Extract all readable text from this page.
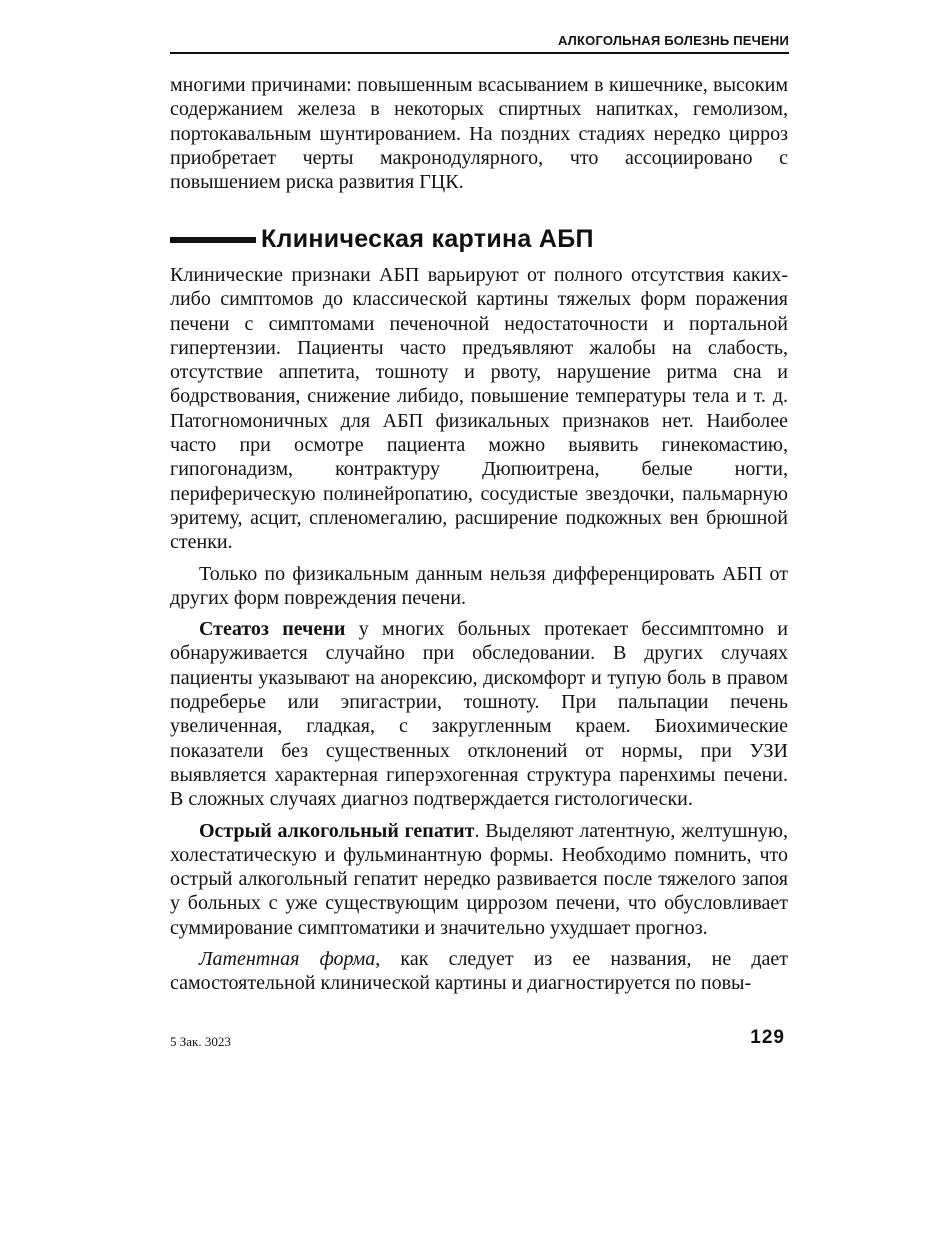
АЛКОГОЛЬНАЯ БОЛЕЗНЬ ПЕЧЕНИ

многими причинами: повышенным всасыванием в кишечнике, высоким содержанием железа в некоторых спиртных напитках, гемолизом, портокавальным шунтированием. На поздних стадиях нередко цирроз приобретает черты макронодулярного, что ассоциировано с повышением риска развития ГЦК.

Клиническая картина АБП

Клинические признаки АБП варьируют от полного отсутствия каких-либо симптомов до классической картины тяжелых форм поражения печени с симптомами печеночной недостаточности и портальной гипертензии. Пациенты часто предъявляют жалобы на слабость, отсутствие аппетита, тошноту и рвоту, нарушение ритма сна и бодрствования, снижение либидо, повышение температуры тела и т. д. Патогномоничных для АБП физикальных признаков нет. Наиболее часто при осмотре пациента можно выявить гинекомастию, гипогонадизм, контрактуру Дюпюитрена, белые ногти, периферическую полинейропатию, сосудистые звездочки, пальмарную эритему, асцит, спленомегалию, расширение подкожных вен брюшной стенки.

Только по физикальным данным нельзя дифференцировать АБП от других форм повреждения печени.

Стеатоз печени у многих больных протекает бессимптомно и обнаруживается случайно при обследовании. В других случаях пациенты указывают на анорексию, дискомфорт и тупую боль в правом подреберье или эпигастрии, тошноту. При пальпации печень увеличенная, гладкая, с закругленным краем. Биохимические показатели без существенных отклонений от нормы, при УЗИ выявляется характерная гиперэхогенная структура паренхимы печени. В сложных случаях диагноз подтверждается гистологически.

Острый алкогольный гепатит. Выделяют латентную, желтушную, холестатическую и фульминантную формы. Необходимо помнить, что острый алкогольный гепатит нередко развивается после тяжелого запоя у больных с уже существующим циррозом печени, что обусловливает суммирование симптоматики и значительно ухудшает прогноз.

Латентная форма, как следует из ее названия, не дает самостоятельной клинической картины и диагностируется по повы-

5 Зак. 3023	129
